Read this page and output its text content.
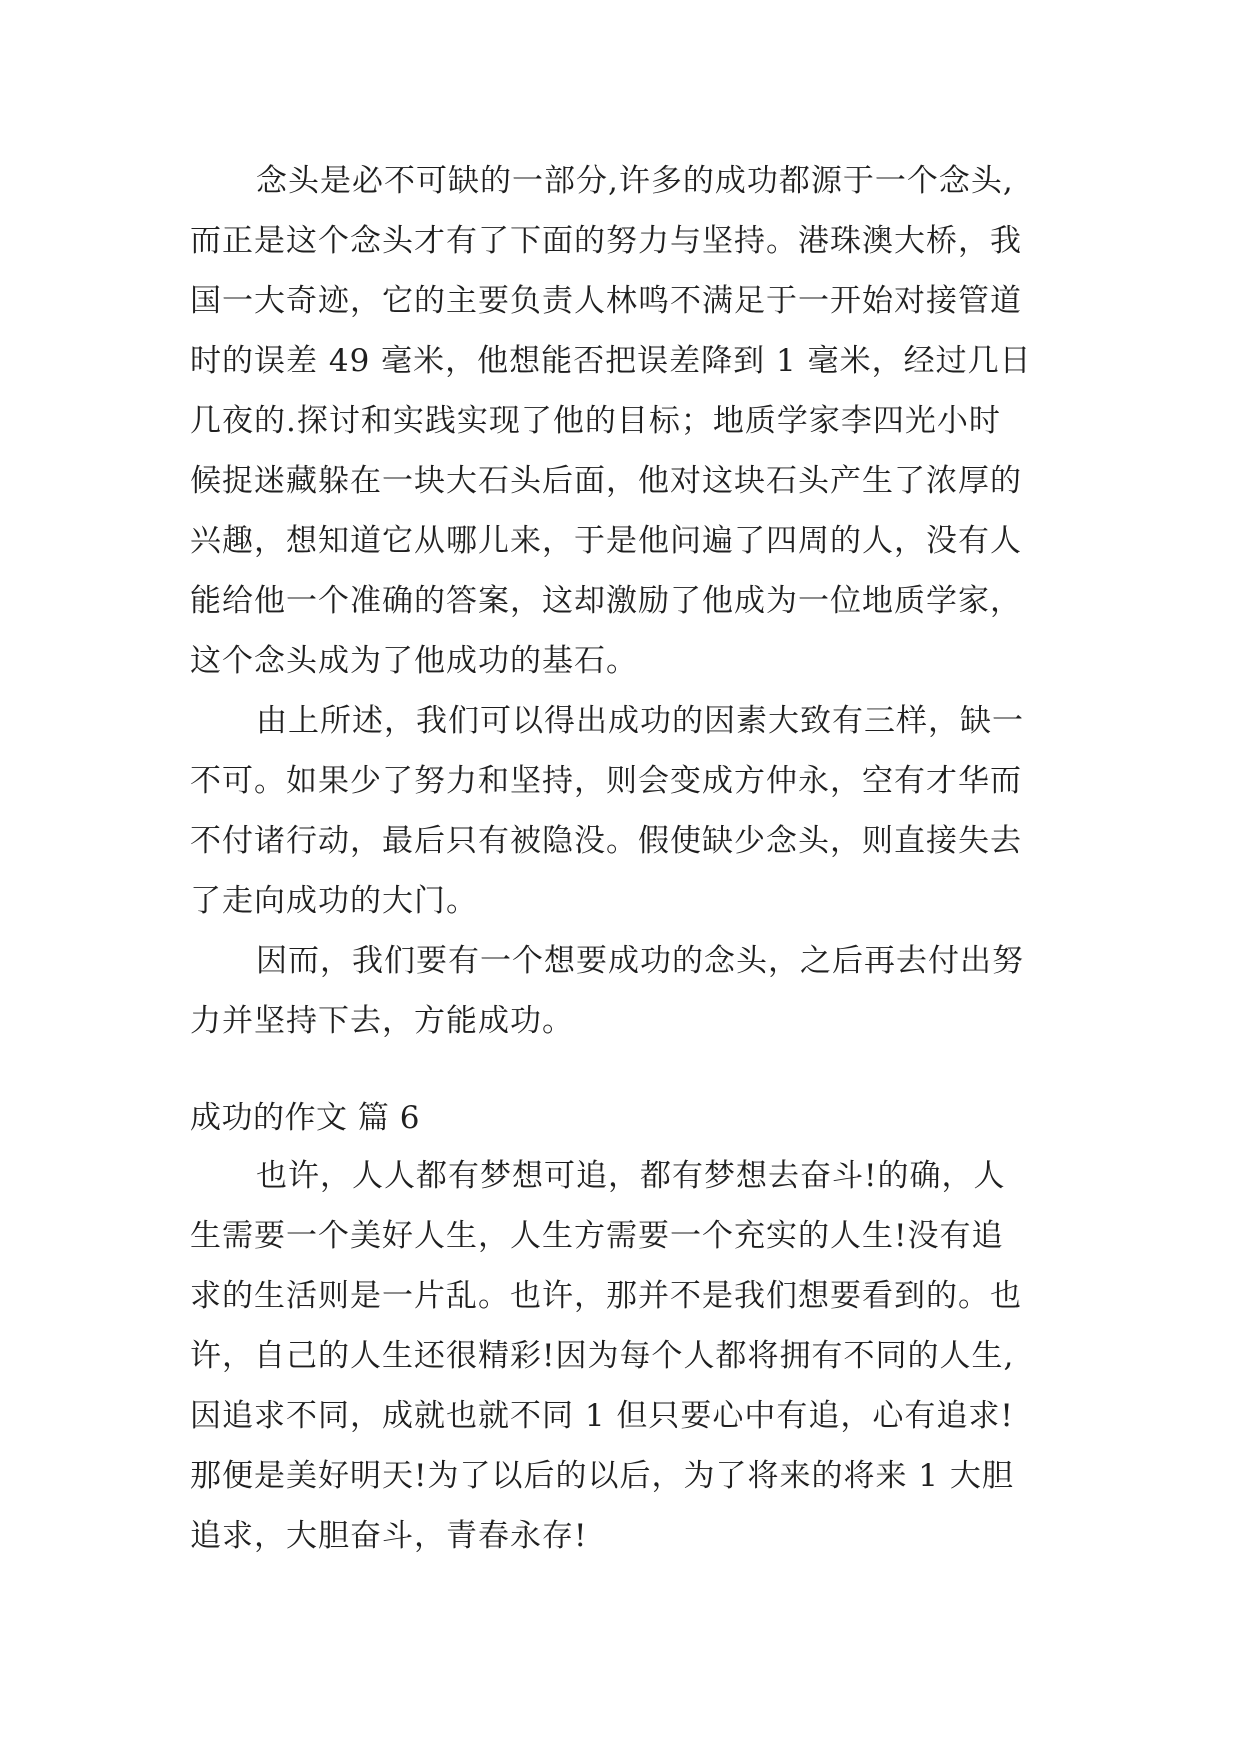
念头是必不可缺的一部分,许多的成功都源于一个念头,

而正是这个念头才有了下面的努力与坚持。港珠澳大桥，我

国一大奇迹，它的主要负责人林鸣不满足于一开始对接管道

时的误差 49 毫米，他想能否把误差降到 1 毫米，经过几日

几夜的.探讨和实践实现了他的目标；地质学家李四光小时

候捉迷藏躲在一块大石头后面，他对这块石头产生了浓厚的

兴趣，想知道它从哪儿来，于是他问遍了四周的人，没有人

能给他一个准确的答案，这却激励了他成为一位地质学家，

这个念头成为了他成功的基石。

由上所述，我们可以得出成功的因素大致有三样，缺一

不可。如果少了努力和坚持，则会变成方仲永，空有才华而

不付诸行动，最后只有被隐没。假使缺少念头，则直接失去

了走向成功的大门。

因而，我们要有一个想要成功的念头，之后再去付出努

力并坚持下去，方能成功。

成功的作文 篇 6

也许，人人都有梦想可追，都有梦想去奋斗!的确，人

生需要一个美好人生，人生方需要一个充实的人生!没有追

求的生活则是一片乱。也许，那并不是我们想要看到的。也

许，自己的人生还很精彩!因为每个人都将拥有不同的人生,

因追求不同，成就也就不同 1 但只要心中有追，心有追求!

那便是美好明天!为了以后的以后，为了将来的将来 1 大胆

追求，大胆奋斗，青春永存!
